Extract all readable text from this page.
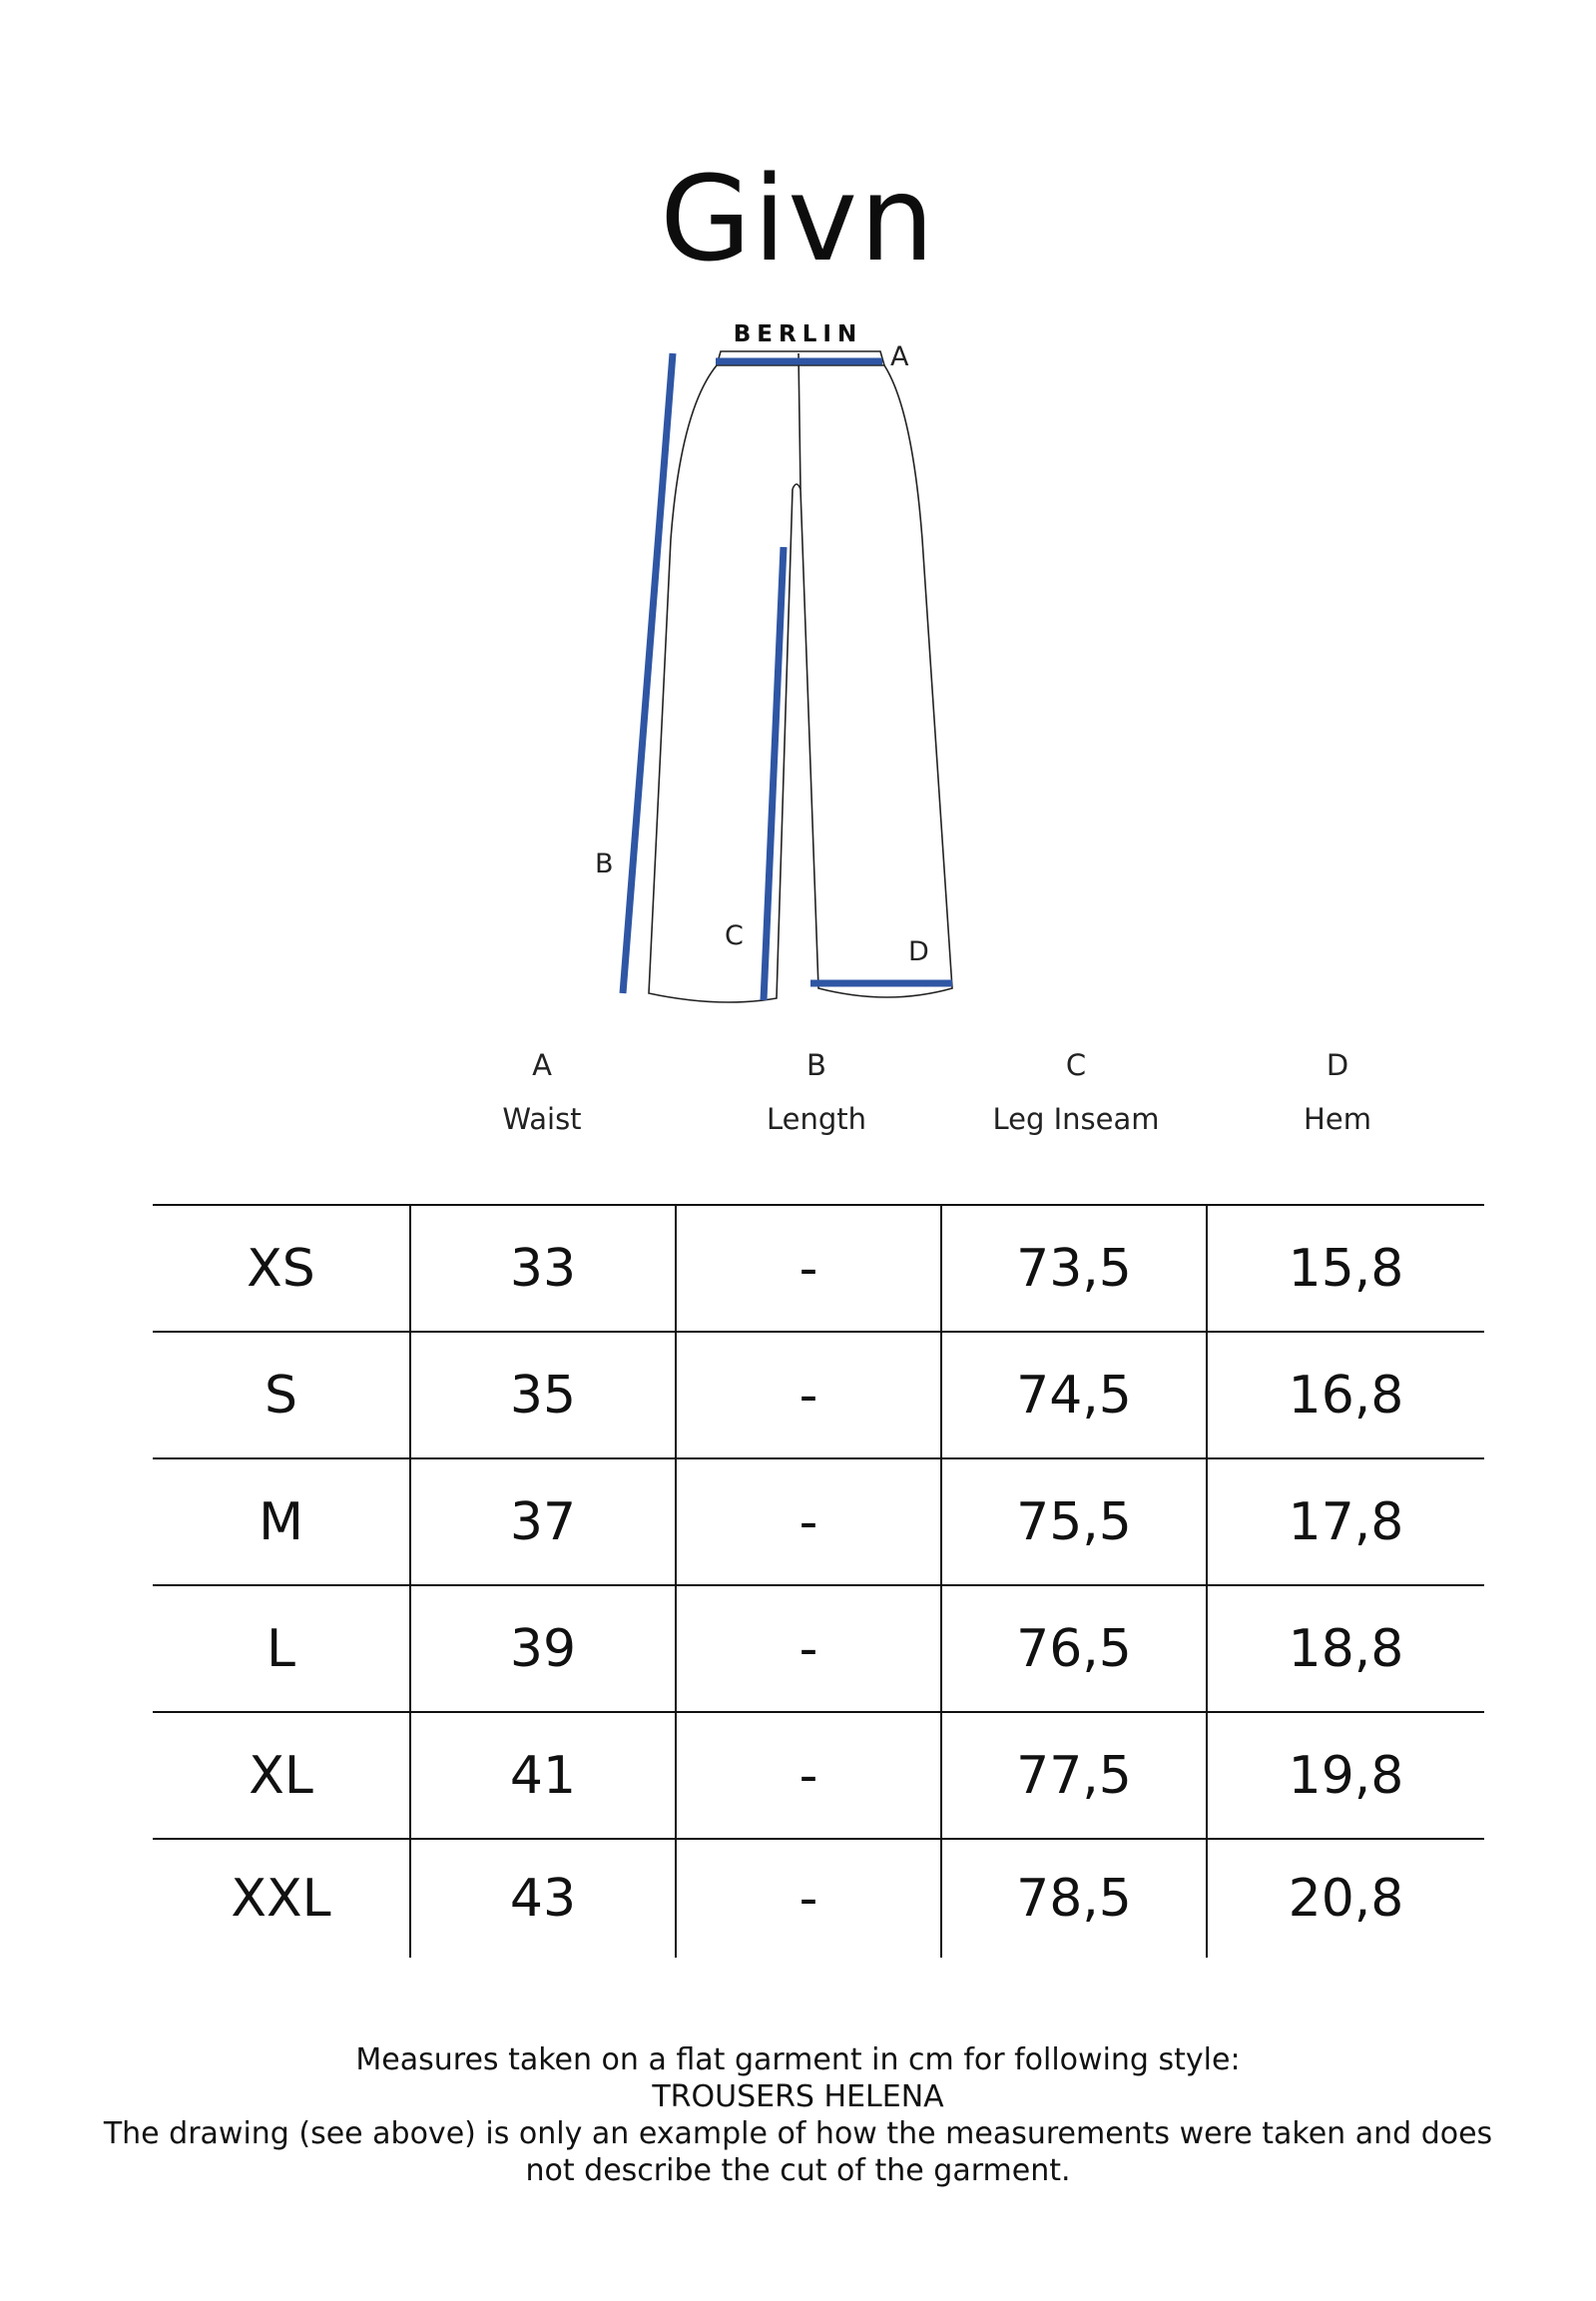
Givn
BERLIN
A
B
C
D
A
Waist
B
Length
C
Leg Inseam
D
Hem
XS	33	-	73,5	15,8
S	35	-	74,5	16,8
M	37	-	75,5	17,8
L	39	-	76,5	18,8
XL	41	-	77,5	19,8
XXL	43	-	78,5	20,8
Measures taken on a flat garment in cm for following style:
TROUSERS HELENA
The drawing (see above) is only an example of how the measurements were taken and does
not describe the cut of the garment.
